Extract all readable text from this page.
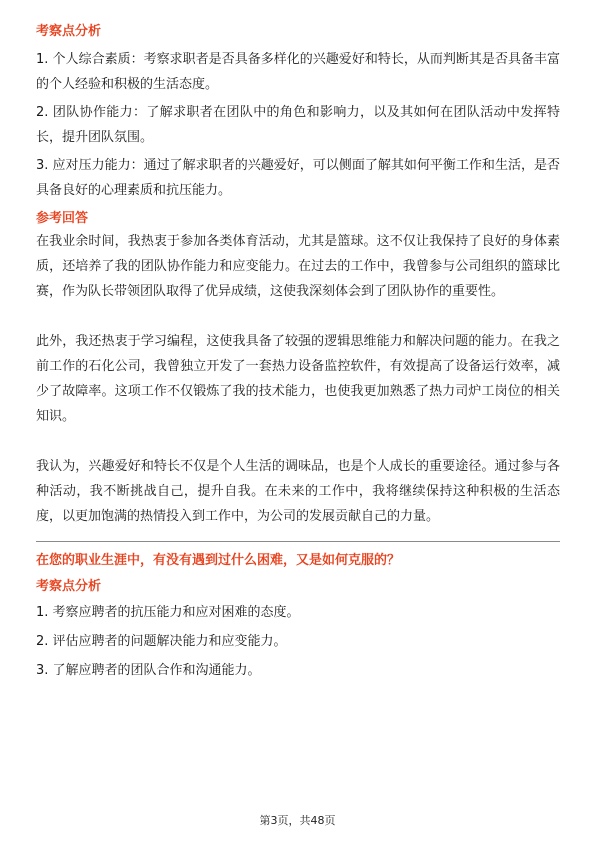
考察点分析

1. 个人综合素质：考察求职者是否具备多样化的兴趣爱好和特长，从而判断其是否具备丰富的个人经验和积极的生活态度。

2. 团队协作能力：了解求职者在团队中的角色和影响力，以及其如何在团队活动中发挥特长，提升团队氛围。

3. 应对压力能力：通过了解求职者的兴趣爱好，可以侧面了解其如何平衡工作和生活，是否具备良好的心理素质和抗压能力。

参考回答

在我业余时间，我热衷于参加各类体育活动，尤其是篮球。这不仅让我保持了良好的身体素质，还培养了我的团队协作能力和应变能力。在过去的工作中，我曾参与公司组织的篮球比赛，作为队长带领团队取得了优异成绩，这使我深刻体会到了团队协作的重要性。

此外，我还热衷于学习编程，这使我具备了较强的逻辑思维能力和解决问题的能力。在我之前工作的石化公司，我曾独立开发了一套热力设备监控软件，有效提高了设备运行效率，减少了故障率。这项工作不仅锻炼了我的技术能力，也使我更加熟悉了热力司炉工岗位的相关知识。

我认为，兴趣爱好和特长不仅是个人生活的调味品，也是个人成长的重要途径。通过参与各种活动，我不断挑战自己，提升自我。在未来的工作中，我将继续保持这种积极的生活态度，以更加饱满的热情投入到工作中，为公司的发展贡献自己的力量。

在您的职业生涯中，有没有遇到过什么困难，又是如何克服的？

考察点分析

1. 考察应聘者的抗压能力和应对困难的态度。

2. 评估应聘者的问题解决能力和应变能力。

3. 了解应聘者的团队合作和沟通能力。

第3页，共48页
